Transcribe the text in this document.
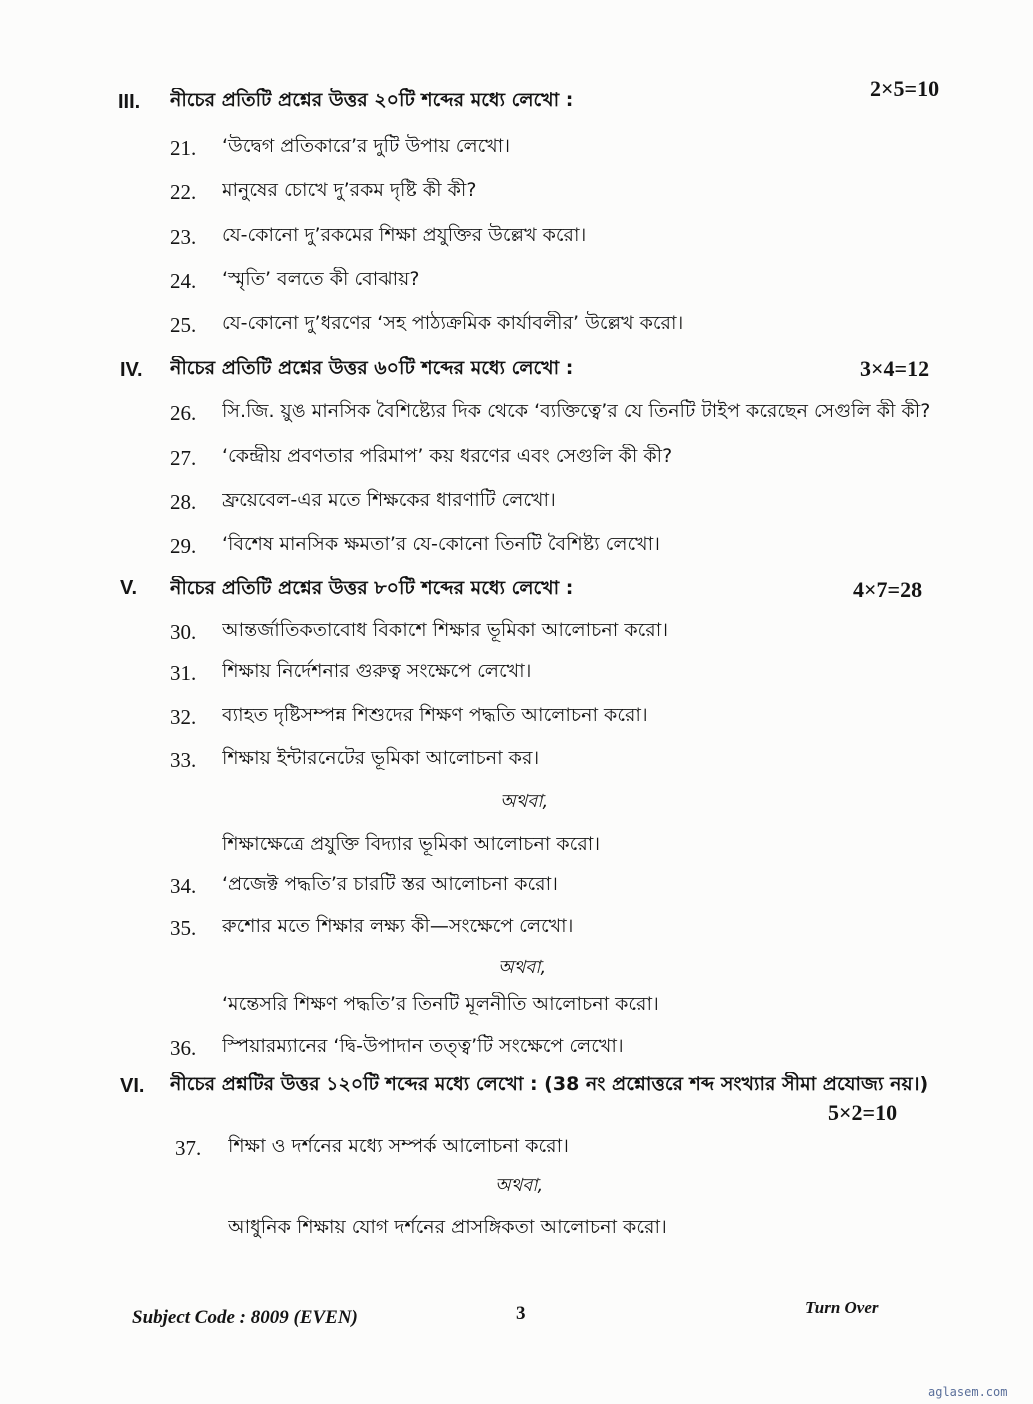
III. নীচের প্রতিটি প্রশ্নের উত্তর ২০টি শব্দের মধ্যে লেখো :	2×5=10
21. ‘উদ্বেগ প্রতিকারে’র দুটি উপায় লেখো।
22. মানুষের চোখে দু’রকম দৃষ্টি কী কী?
23. যে-কোনো দু’রকমের শিক্ষা প্রযুক্তির উল্লেখ করো।
24. ‘স্মৃতি’ বলতে কী বোঝায়?
25. যে-কোনো দু’ধরণের ‘সহ পাঠ্যক্রমিক কার্যাবলীর’ উল্লেখ করো।
IV. নীচের প্রতিটি প্রশ্নের উত্তর ৬০টি শব্দের মধ্যে লেখো :	3×4=12
26. সি.জি. য়ুঙ মানসিক বৈশিষ্ট্যের দিক থেকে ‘ব্যক্তিত্বে’র যে তিনটি টাইপ করেছেন সেগুলি কী কী?
27. ‘কেন্দ্রীয় প্রবণতার পরিমাপ’ কয় ধরণের এবং সেগুলি কী কী?
28. ফ্রয়েবেল-এর মতে শিক্ষকের ধারণাটি লেখো।
29. ‘বিশেষ মানসিক ক্ষমতা’র যে-কোনো তিনটি বৈশিষ্ট্য লেখো।
V. নীচের প্রতিটি প্রশ্নের উত্তর ৮০টি শব্দের মধ্যে লেখো :	4×7=28
30. আন্তর্জাতিকতাবোধ বিকাশে শিক্ষার ভূমিকা আলোচনা করো।
31. শিক্ষায় নির্দেশনার গুরুত্ব সংক্ষেপে লেখো।
32. ব্যাহত দৃষ্টিসম্পন্ন শিশুদের শিক্ষণ পদ্ধতি আলোচনা করো।
33. শিক্ষায় ইন্টারনেটের ভূমিকা আলোচনা কর।
অথবা,
শিক্ষাক্ষেত্রে প্রযুক্তি বিদ্যার ভূমিকা আলোচনা করো।
34. ‘প্রজেক্ট পদ্ধতি’র চারটি স্তর আলোচনা করো।
35. রুশোর মতে শিক্ষার লক্ষ্য কী—সংক্ষেপে লেখো।
অথবা,
‘মন্তেসরি শিক্ষণ পদ্ধতি’র তিনটি মূলনীতি আলোচনা করো।
36. স্পিয়ারম্যানের ‘দ্বি-উপাদান তত্ত্ব’টি সংক্ষেপে লেখো।
VI. নীচের প্রশ্নটির উত্তর ১২০টি শব্দের মধ্যে লেখো : (38 নং প্রশ্নোত্তরে শব্দ সংখ্যার সীমা প্রযোজ্য নয়।)
5×2=10
37. শিক্ষা ও দর্শনের মধ্যে সম্পর্ক আলোচনা করো।
অথবা,
আধুনিক শিক্ষায় যোগ দর্শনের প্রাসঙ্গিকতা আলোচনা করো।
Subject Code : 8009 (EVEN)	3	Turn Over
aglasem.com
